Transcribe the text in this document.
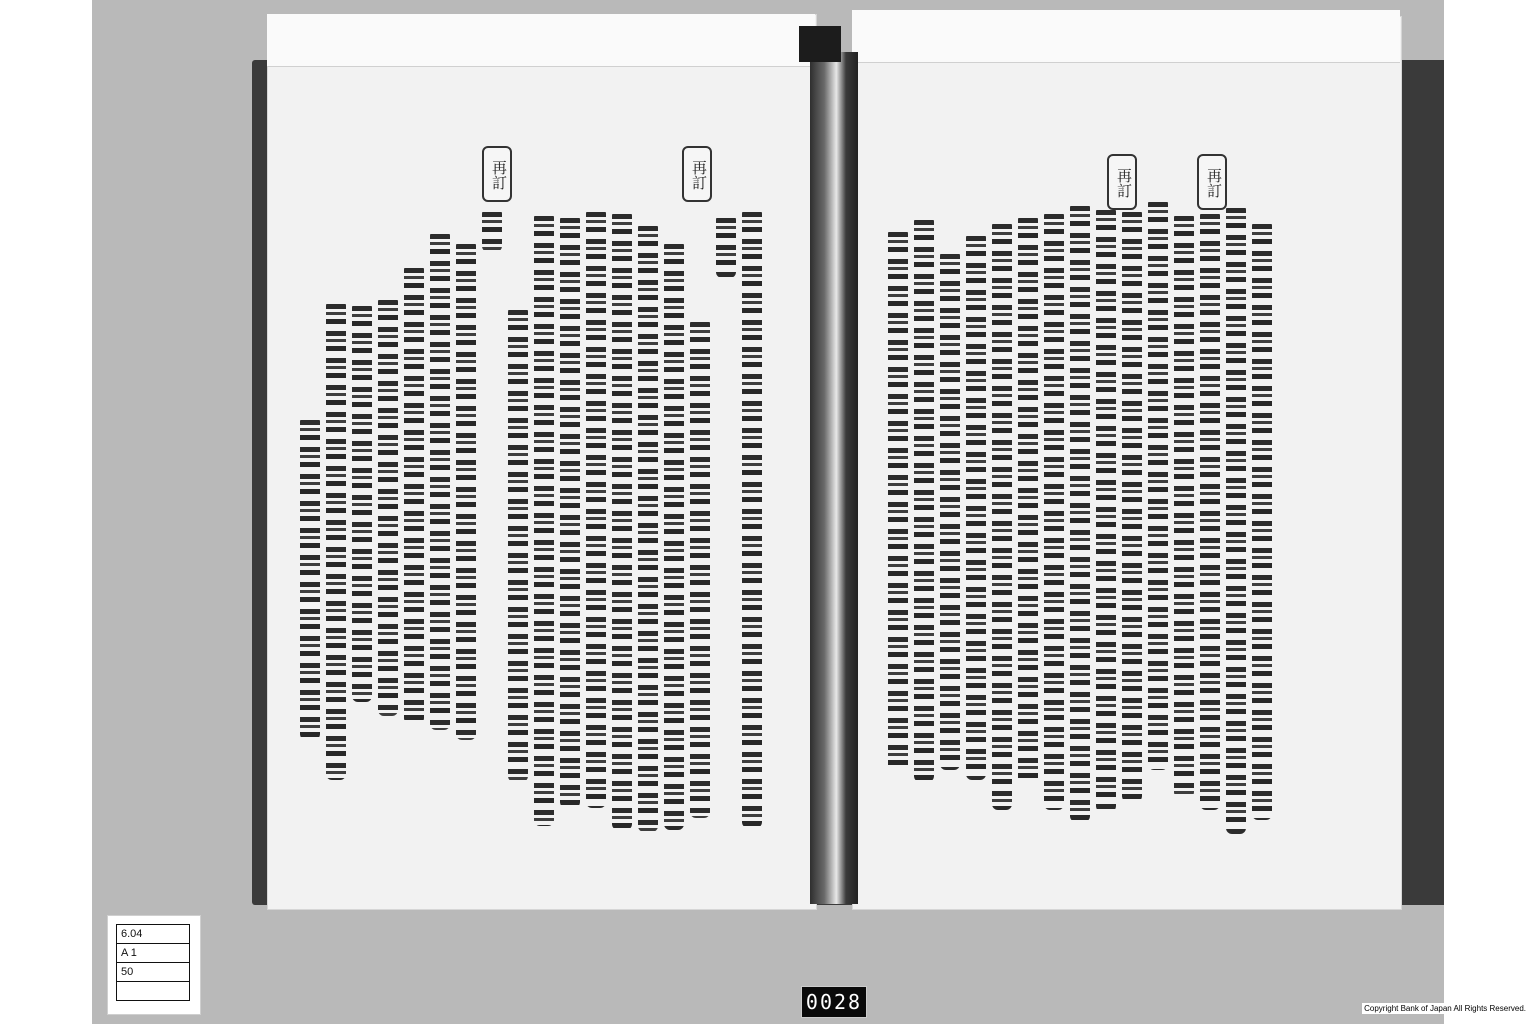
再訂	再訂	再訂	再訂
6.04
A 1
50

0028	Copyright Bank of Japan All Rights Reserved.
